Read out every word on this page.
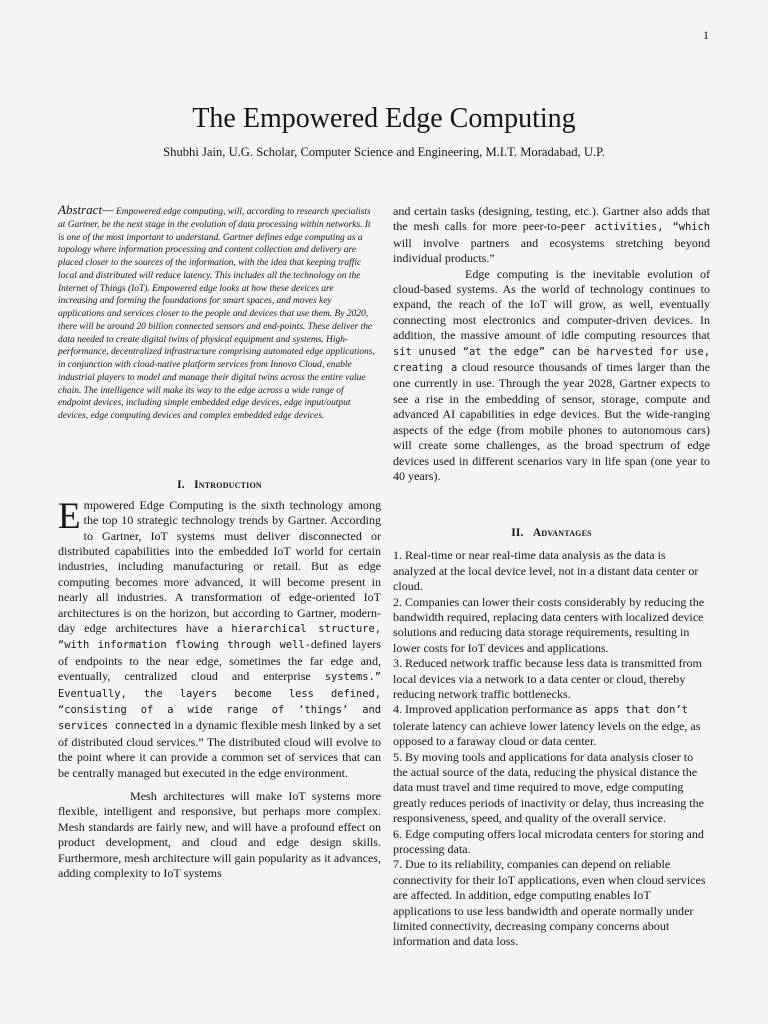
1
The Empowered Edge Computing
Shubhi Jain, U.G. Scholar, Computer Science and Engineering, M.I.T. Moradabad, U.P.

Abstract— Empowered edge computing, will, according to research specialists at Gartner, be the next stage in the evolution of data processing within networks. It is one of the most important to understand. Gartner defines edge computing as a topology where information processing and content collection and delivery are placed closer to the sources of the information, with the idea that keeping traffic local and distributed will reduce latency. This includes all the technology on the Internet of Things (IoT). Empowered edge looks at how these devices are increasing and forming the foundations for smart spaces, and moves key applications and services closer to the people and devices that use them. By 2020, there will be around 20 billion connected sensors and end-points. These deliver the data needed to create digital twins of physical equipment and systems. High-performance, decentralized infrastructure comprising automated edge applications, in conjunction with cloud-native platform services from Innovo Cloud, enable industrial players to model and manage their digital twins across the entire value chain. The intelligence will make its way to the edge across a wide range of endpoint devices, including simple embedded edge devices, edge input/output devices, edge computing devices and complex embedded edge devices.

I. Introduction

Empowered Edge Computing is the sixth technology among the top 10 strategic technology trends by Gartner. According to Gartner, IoT systems must deliver disconnected or distributed capabilities into the embedded IoT world for certain industries, including manufacturing or retail. But as edge computing becomes more advanced, it will become present in nearly all industries. A transformation of edge-oriented IoT architectures is on the horizon, but according to Gartner, modern-day edge architectures have a hierarchical structure, “with information flowing through well-defined layers of endpoints to the near edge, sometimes the far edge and, eventually, centralized cloud and enterprise systems.” Eventually, the layers become less defined, “consisting of a wide range of ‘things’ and services connected in a dynamic flexible mesh linked by a set of distributed cloud services.” The distributed cloud will evolve to the point where it can provide a common set of services that can be centrally managed but executed in the edge environment.

Mesh architectures will make IoT systems more flexible, intelligent and responsive, but perhaps more complex. Mesh standards are fairly new, and will have a profound effect on product development, and cloud and edge design skills. Furthermore, mesh architecture will gain popularity as it advances, adding complexity to IoT systems

and certain tasks (designing, testing, etc.). Gartner also adds that the mesh calls for more peer-to-peer activities, “which will involve partners and ecosystems stretching beyond individual products.”

Edge computing is the inevitable evolution of cloud-based systems. As the world of technology continues to expand, the reach of the IoT will grow, as well, eventually connecting most electronics and computer-driven devices. In addition, the massive amount of idle computing resources that sit unused “at the edge” can be harvested for use, creating a cloud resource thousands of times larger than the one currently in use. Through the year 2028, Gartner expects to see a rise in the embedding of sensor, storage, compute and advanced AI capabilities in edge devices. But the wide-ranging aspects of the edge (from mobile phones to autonomous cars) will create some challenges, as the broad spectrum of edge devices used in different scenarios vary in life span (one year to 40 years).

II. Advantages

1. Real-time or near real-time data analysis as the data is analyzed at the local device level, not in a distant data center or cloud.

2. Companies can lower their costs considerably by reducing the bandwidth required, replacing data centers with localized device solutions and reducing data storage requirements, resulting in lower costs for IoT devices and applications.

3. Reduced network traffic because less data is transmitted from local devices via a network to a data center or cloud, thereby reducing network traffic bottlenecks.

4. Improved application performance as apps that don’t tolerate latency can achieve lower latency levels on the edge, as opposed to a faraway cloud or data center.

5. By moving tools and applications for data analysis closer to the actual source of the data, reducing the physical distance the data must travel and time required to move, edge computing greatly reduces periods of inactivity or delay, thus increasing the responsiveness, speed, and quality of the overall service.

6. Edge computing offers local microdata centers for storing and processing data.

7. Due to its reliability, companies can depend on reliable connectivity for their IoT applications, even when cloud services are affected. In addition, edge computing enables IoT applications to use less bandwidth and operate normally under limited connectivity, decreasing company concerns about information and data loss.
